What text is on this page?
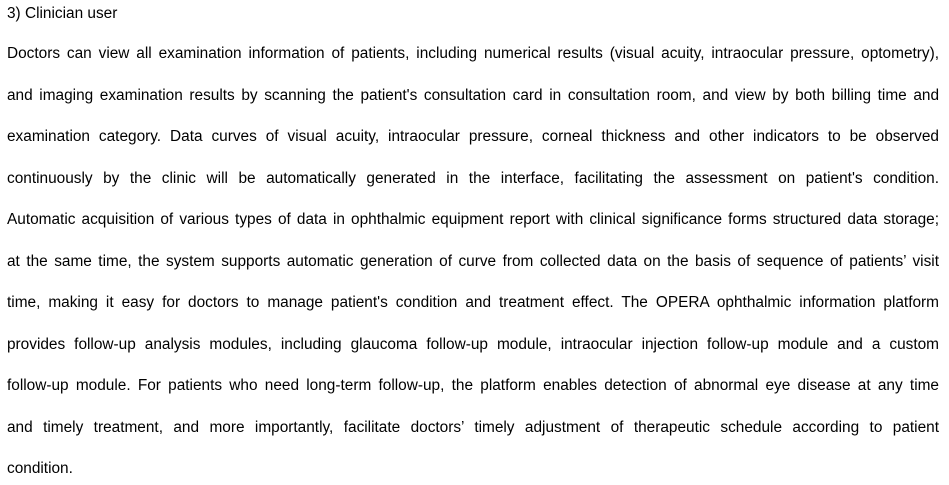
3) Clinician user
Doctors can view all examination information of patients, including numerical results (visual acuity, intraocular pressure, optometry),
and imaging examination results by scanning the patient's consultation card in consultation room, and view by both billing time and
examination category. Data curves of visual acuity, intraocular pressure, corneal thickness and other indicators to be observed
continuously by the clinic will be automatically generated in the interface, facilitating the assessment on patient's condition.
Automatic acquisition of various types of data in ophthalmic equipment report with clinical significance forms structured data storage;
at the same time, the system supports automatic generation of curve from collected data on the basis of sequence of patients’ visit
time, making it easy for doctors to manage patient's condition and treatment effect. The OPERA ophthalmic information platform
provides follow-up analysis modules, including glaucoma follow-up module, intraocular injection follow-up module and a custom
follow-up module. For patients who need long-term follow-up, the platform enables detection of abnormal eye disease at any time
and timely treatment, and more importantly, facilitate doctors’ timely adjustment of therapeutic schedule according to patient
condition.
